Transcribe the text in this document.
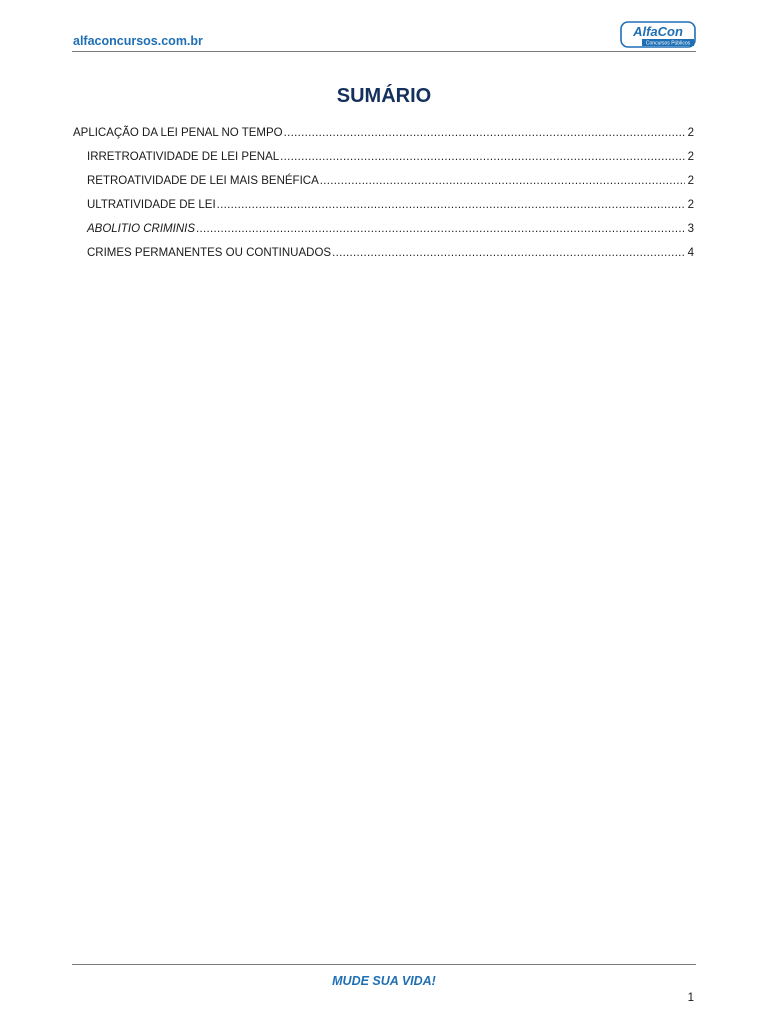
alfaconcursos.com.br
AlfaCon
Concursos Públicos
SUMÁRIO
APLICAÇÃO DA LEI PENAL NO TEMPO .....	2
IRRETROATIVIDADE DE LEI PENAL .....	2
RETROATIVIDADE DE LEI MAIS BENÉFICA .....	2
ULTRATIVIDADE DE LEI .....	2
ABOLITIO CRIMINIS .....	3
CRIMES PERMANENTES OU CONTINUADOS .....	4
MUDE SUA VIDA!
1
